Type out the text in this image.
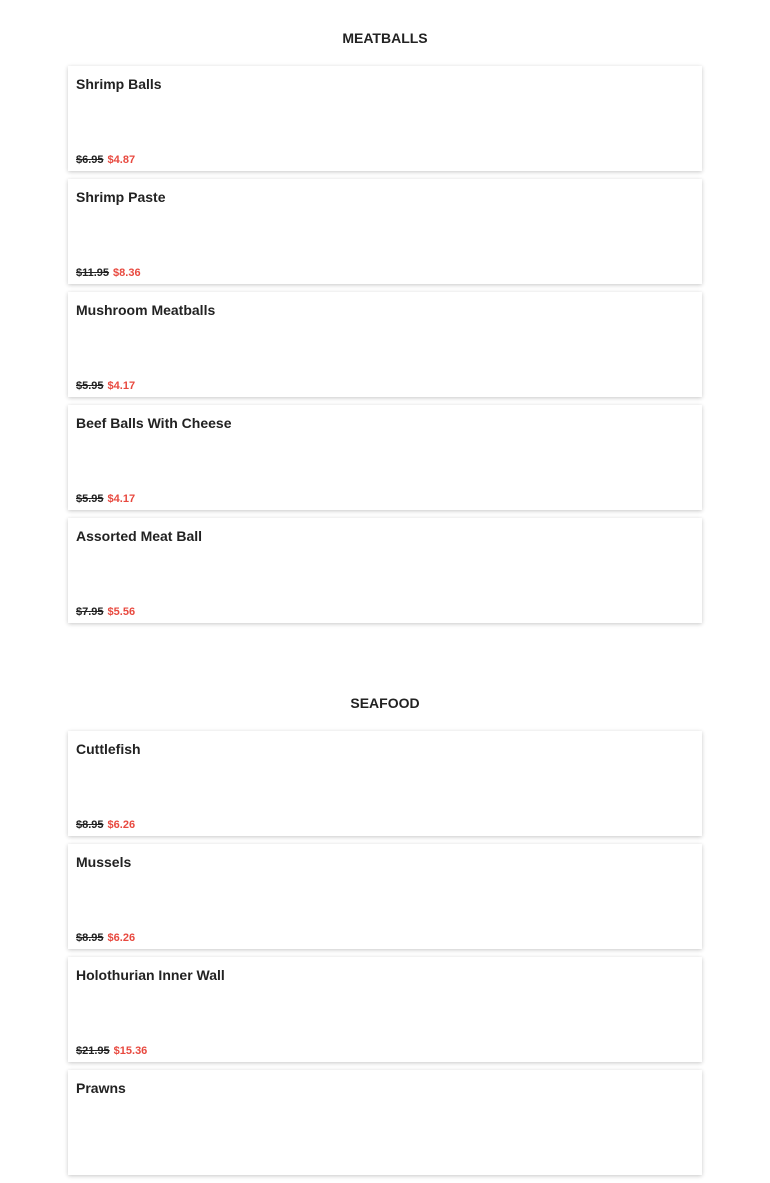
MEATBALLS
Shrimp Balls
$6.95 $4.87
Shrimp Paste
$11.95 $8.36
Mushroom Meatballs
$5.95 $4.17
Beef Balls With Cheese
$5.95 $4.17
Assorted Meat Ball
$7.95 $5.56
SEAFOOD
Cuttlefish
$8.95 $6.26
Mussels
$8.95 $6.26
Holothurian Inner Wall
$21.95 $15.36
Prawns
